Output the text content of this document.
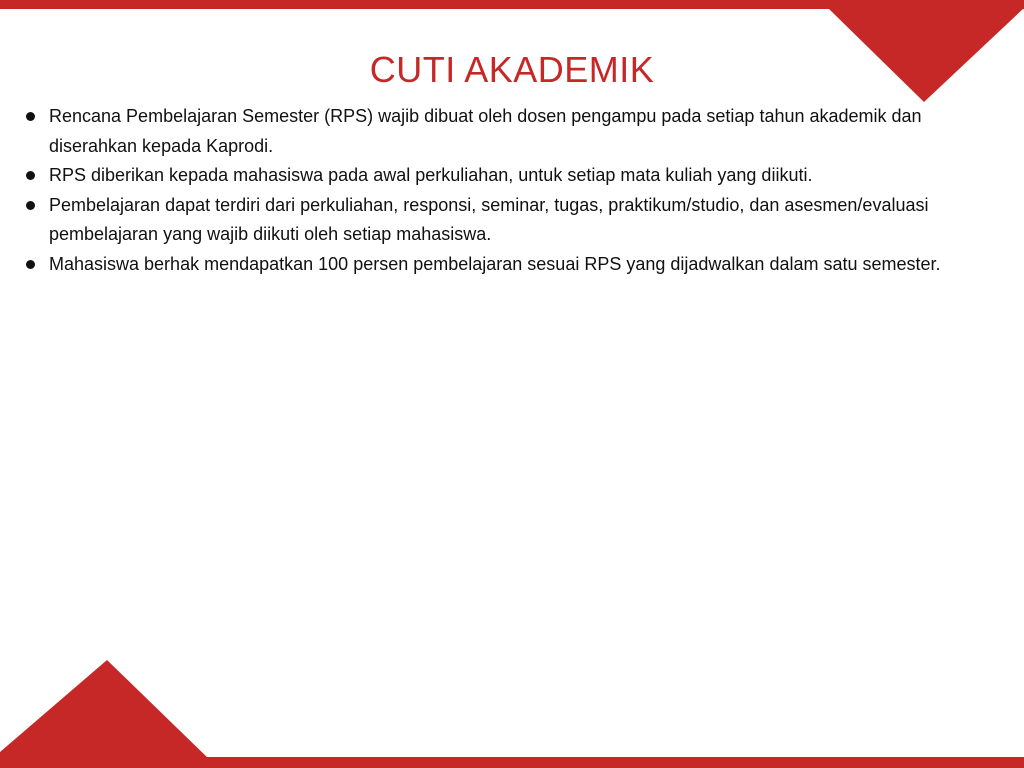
CUTI AKADEMIK
Rencana Pembelajaran Semester (RPS) wajib dibuat oleh dosen pengampu pada setiap tahun akademik dan diserahkan kepada Kaprodi.
RPS diberikan kepada mahasiswa pada awal perkuliahan, untuk setiap mata kuliah yang diikuti.
Pembelajaran dapat terdiri dari perkuliahan, responsi, seminar, tugas, praktikum/studio, dan asesmen/evaluasi pembelajaran yang wajib diikuti oleh setiap mahasiswa.
Mahasiswa berhak mendapatkan 100 persen pembelajaran sesuai RPS yang dijadwalkan dalam satu semester.
